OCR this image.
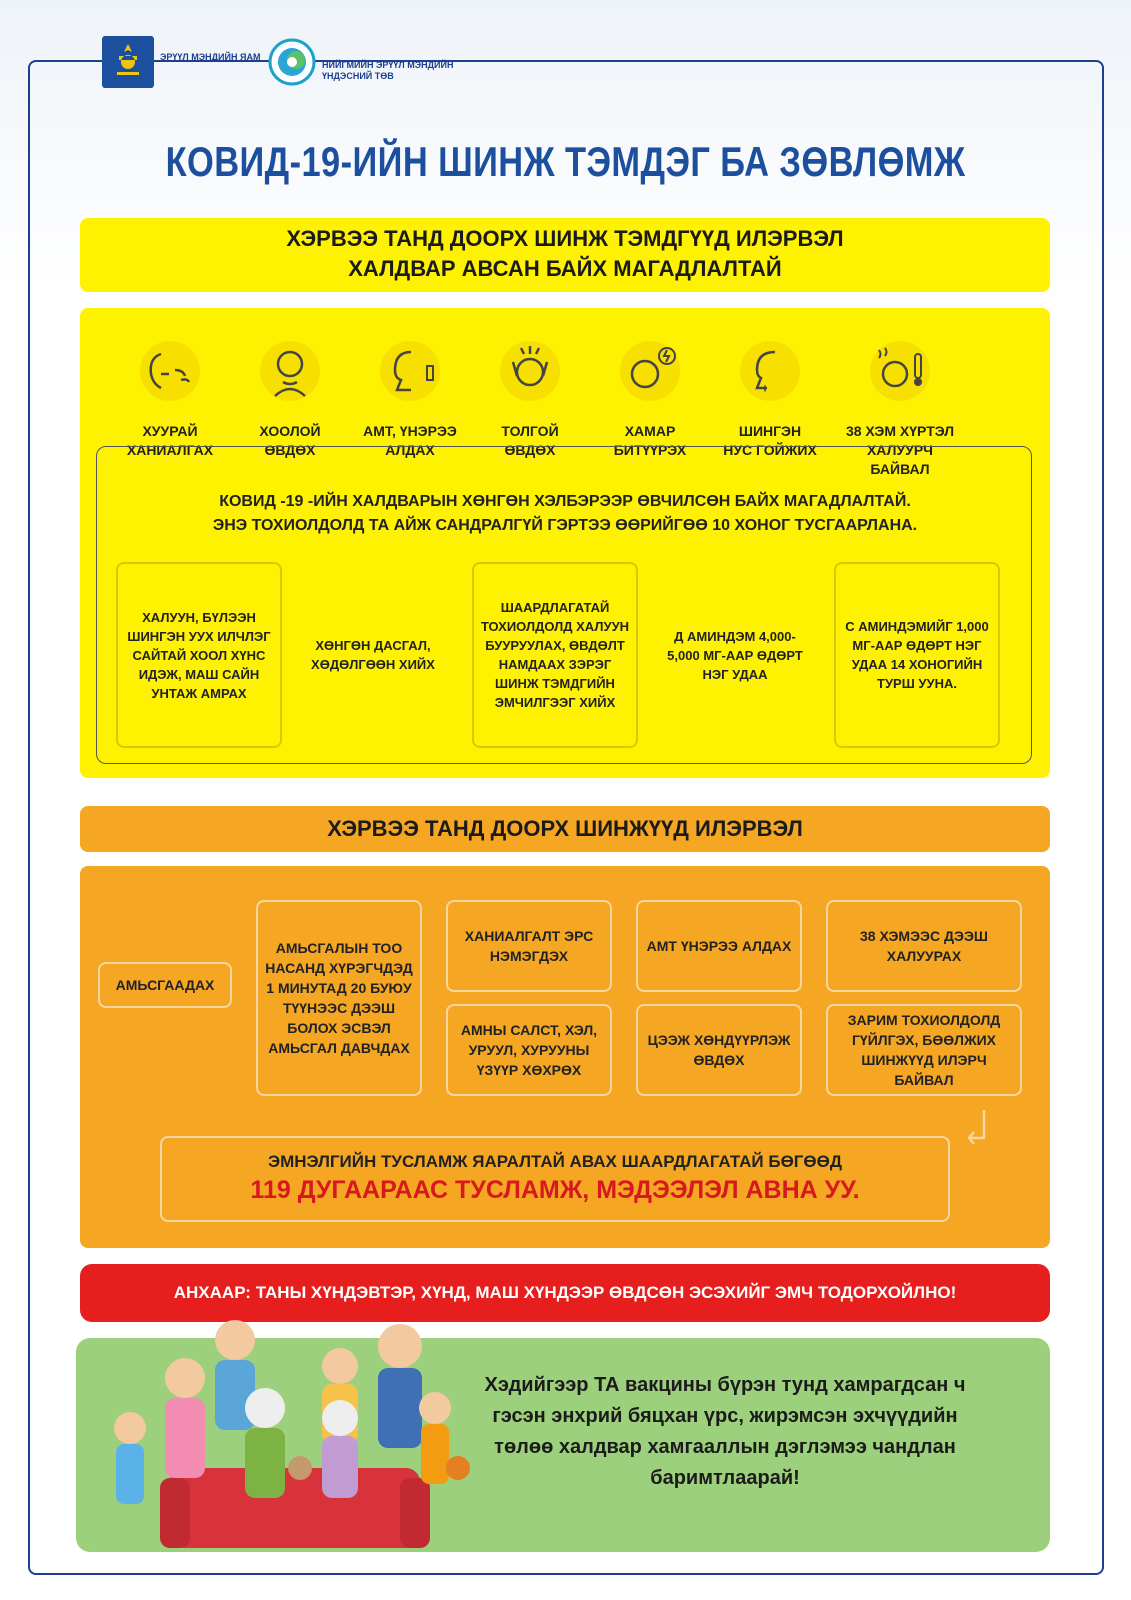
ЭРҮҮЛ МЭНДИЙН ЯАМ
НИЙГМИЙН ЭРҮҮЛ МЭНДИЙН ҮНДЭСНИЙ ТӨВ
КОВИД-19-ИЙН ШИНЖ ТЭМДЭГ БА ЗӨВЛӨМЖ

ХЭРВЭЭ ТАНД ДООРХ ШИНЖ ТЭМДГҮҮД ИЛЭРВЭЛ

ХАЛДВАР АВСАН БАЙХ МАГАДЛАЛТАЙ

ХУУРАЙ
ХАНИАЛГАХ
ХООЛОЙ
ӨВДӨХ
АМТ, ҮНЭРЭЭ
АЛДАХ
ТОЛГОЙ
ӨВДӨХ
ХАМАР
БИТҮҮРЭХ
ШИНГЭН
НУС ГОЙЖИХ
38 ХЭМ ХҮРТЭЛ
ХАЛУУРЧ БАЙВАЛ
КОВИД -19 -ИЙН ХАЛДВАРЫН ХӨНГӨН ХЭЛБЭРЭЭР ӨВЧИЛСӨН БАЙХ МАГАДЛАЛТАЙ.
ЭНЭ ТОХИОЛДОЛД ТА АЙЖ САНДРАЛГҮЙ ГЭРТЭЭ ӨӨРИЙГӨӨ 10 ХОНОГ ТУСГААРЛАНА.
ХАЛУУН, БҮЛЭЭН ШИНГЭН УУХ ИЛЧЛЭГ САЙТАЙ ХООЛ ХҮНС ИДЭЖ, МАШ САЙН УНТАЖ АМРАХ
ХӨНГӨН ДАСГАЛ, ХӨДӨЛГӨӨН ХИЙХ
ШААРДЛАГАТАЙ ТОХИОЛДОЛД ХАЛУУН БУУРУУЛАХ, ӨВДӨЛТ НАМДААХ ЗЭРЭГ ШИНЖ ТЭМДГИЙН ЭМЧИЛГЭЭГ ХИЙХ
Д АМИНДЭМ 4,000-5,000 МГ-ААР ӨДӨРТ НЭГ УДАА
С АМИНДЭМИЙГ 1,000 МГ-ААР ӨДӨРТ НЭГ УДАА 14 ХОНОГИЙН ТУРШ УУНА.
ХЭРВЭЭ ТАНД ДООРХ ШИНЖҮҮД ИЛЭРВЭЛ
АМЬСГААДАХ
АМЬСГАЛЫН ТОО НАСАНД ХҮРЭГЧДЭД 1 МИНУТАД 20 БУЮУ ТҮҮНЭЭС ДЭЭШ БОЛОХ ЭСВЭЛ АМЬСГАЛ ДАВЧДАХ
ХАНИАЛГАЛТ ЭРС НЭМЭГДЭХ
АМТ ҮНЭРЭЭ АЛДАХ
38 ХЭМЭЭС ДЭЭШ ХАЛУУРАХ
АМНЫ САЛСТ, ХЭЛ, УРУУЛ, ХУРУУНЫ ҮЗҮҮР ХӨХРӨХ
ЦЭЭЖ ХӨНДҮҮРЛЭЖ ӨВДӨХ
ЗАРИМ ТОХИОЛДОЛД ГҮЙЛГЭХ, БӨӨЛЖИХ ШИНЖҮҮД ИЛЭРЧ БАЙВАЛ
ЭМНЭЛГИЙН ТУСЛАМЖ ЯАРАЛТАЙ АВАХ ШААРДЛАГАТАЙ БӨГӨӨД
119 ДУГААРААС ТУСЛАМЖ, МЭДЭЭЛЭЛ АВНА УУ.
АНХААР: ТАНЫ ХҮНДЭВТЭР, ХҮНД, МАШ ХҮНДЭЭР ӨВДСӨН ЭСЭХИЙГ ЭМЧ ТОДОРХОЙЛНО!
Хэдийгээр ТА вакцины бүрэн тунд хамрагдсан ч гэсэн энхрий бяцхан үрс, жирэмсэн эхчүүдийн төлөө халдвар хамгааллын дэглэмээ чандлан баримтлаарай!
